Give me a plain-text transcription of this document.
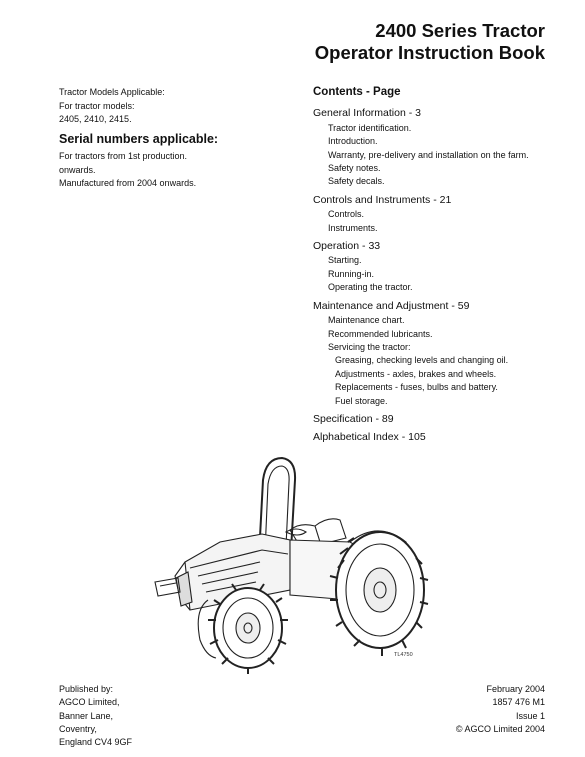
2400 Series Tractor
Operator Instruction Book
Tractor Models Applicable:
For tractor models:
2405, 2410, 2415.
Serial numbers applicable:
For tractors from 1st production.
onwards.
Manufactured from 2004 onwards.
Contents - Page
General Information - 3
Tractor identification.
Introduction.
Warranty, pre-delivery and installation on the farm.
Safety notes.
Safety decals.
Controls and Instruments - 21
Controls.
Instruments.
Operation - 33
Starting.
Running-in.
Operating the tractor.
Maintenance and Adjustment - 59
Maintenance chart.
Recommended lubricants.
Servicing the tractor:
Greasing, checking levels and changing oil.
Adjustments - axles, brakes and wheels.
Replacements - fuses, bulbs and battery.
Fuel storage.
Specification - 89
Alphabetical Index - 105
TL4750
Published by:
AGCO Limited,
Banner Lane,
Coventry,
England CV4 9GF
February 2004
1857 476 M1
Issue 1
© AGCO Limited 2004
